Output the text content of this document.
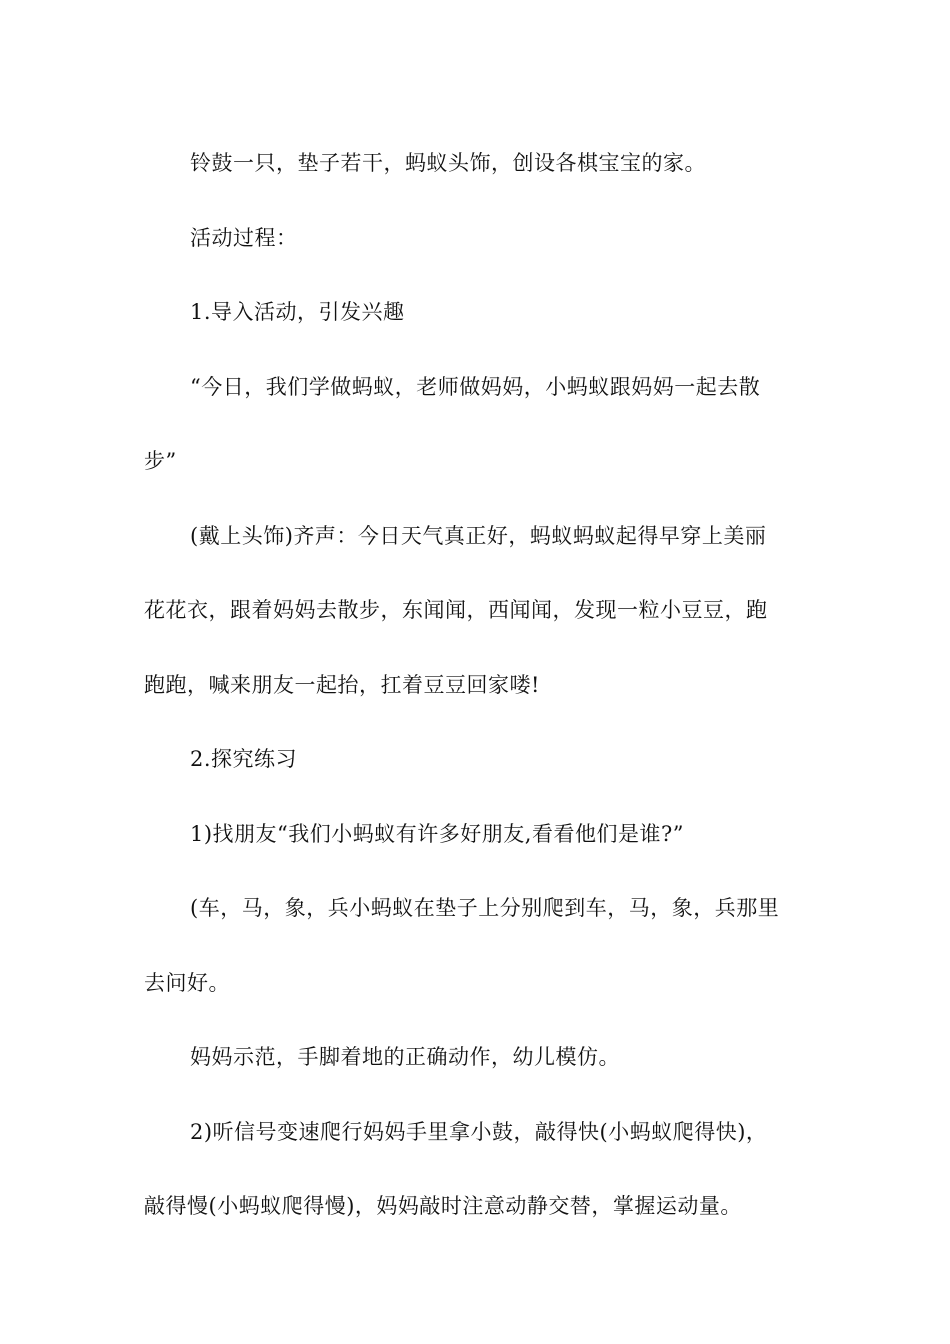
铃鼓一只，垫子若干，蚂蚁头饰，创设各棋宝宝的家。
活动过程：
1.导入活动，引发兴趣
“今日，我们学做蚂蚁，老师做妈妈，小蚂蚁跟妈妈一起去散
步”
(戴上头饰)齐声：今日天气真正好，蚂蚁蚂蚁起得早穿上美丽
花花衣，跟着妈妈去散步，东闻闻，西闻闻，发现一粒小豆豆，跑
跑跑，喊来朋友一起抬，扛着豆豆回家喽!
2.探究练习
1)找朋友“我们小蚂蚁有许多好朋友,看看他们是谁?”
(车，马，象，兵小蚂蚁在垫子上分别爬到车，马，象，兵那里
去问好。
妈妈示范，手脚着地的正确动作，幼儿模仿。
2)听信号变速爬行妈妈手里拿小鼓，敲得快(小蚂蚁爬得快)，
敲得慢(小蚂蚁爬得慢)，妈妈敲时注意动静交替，掌握运动量。
